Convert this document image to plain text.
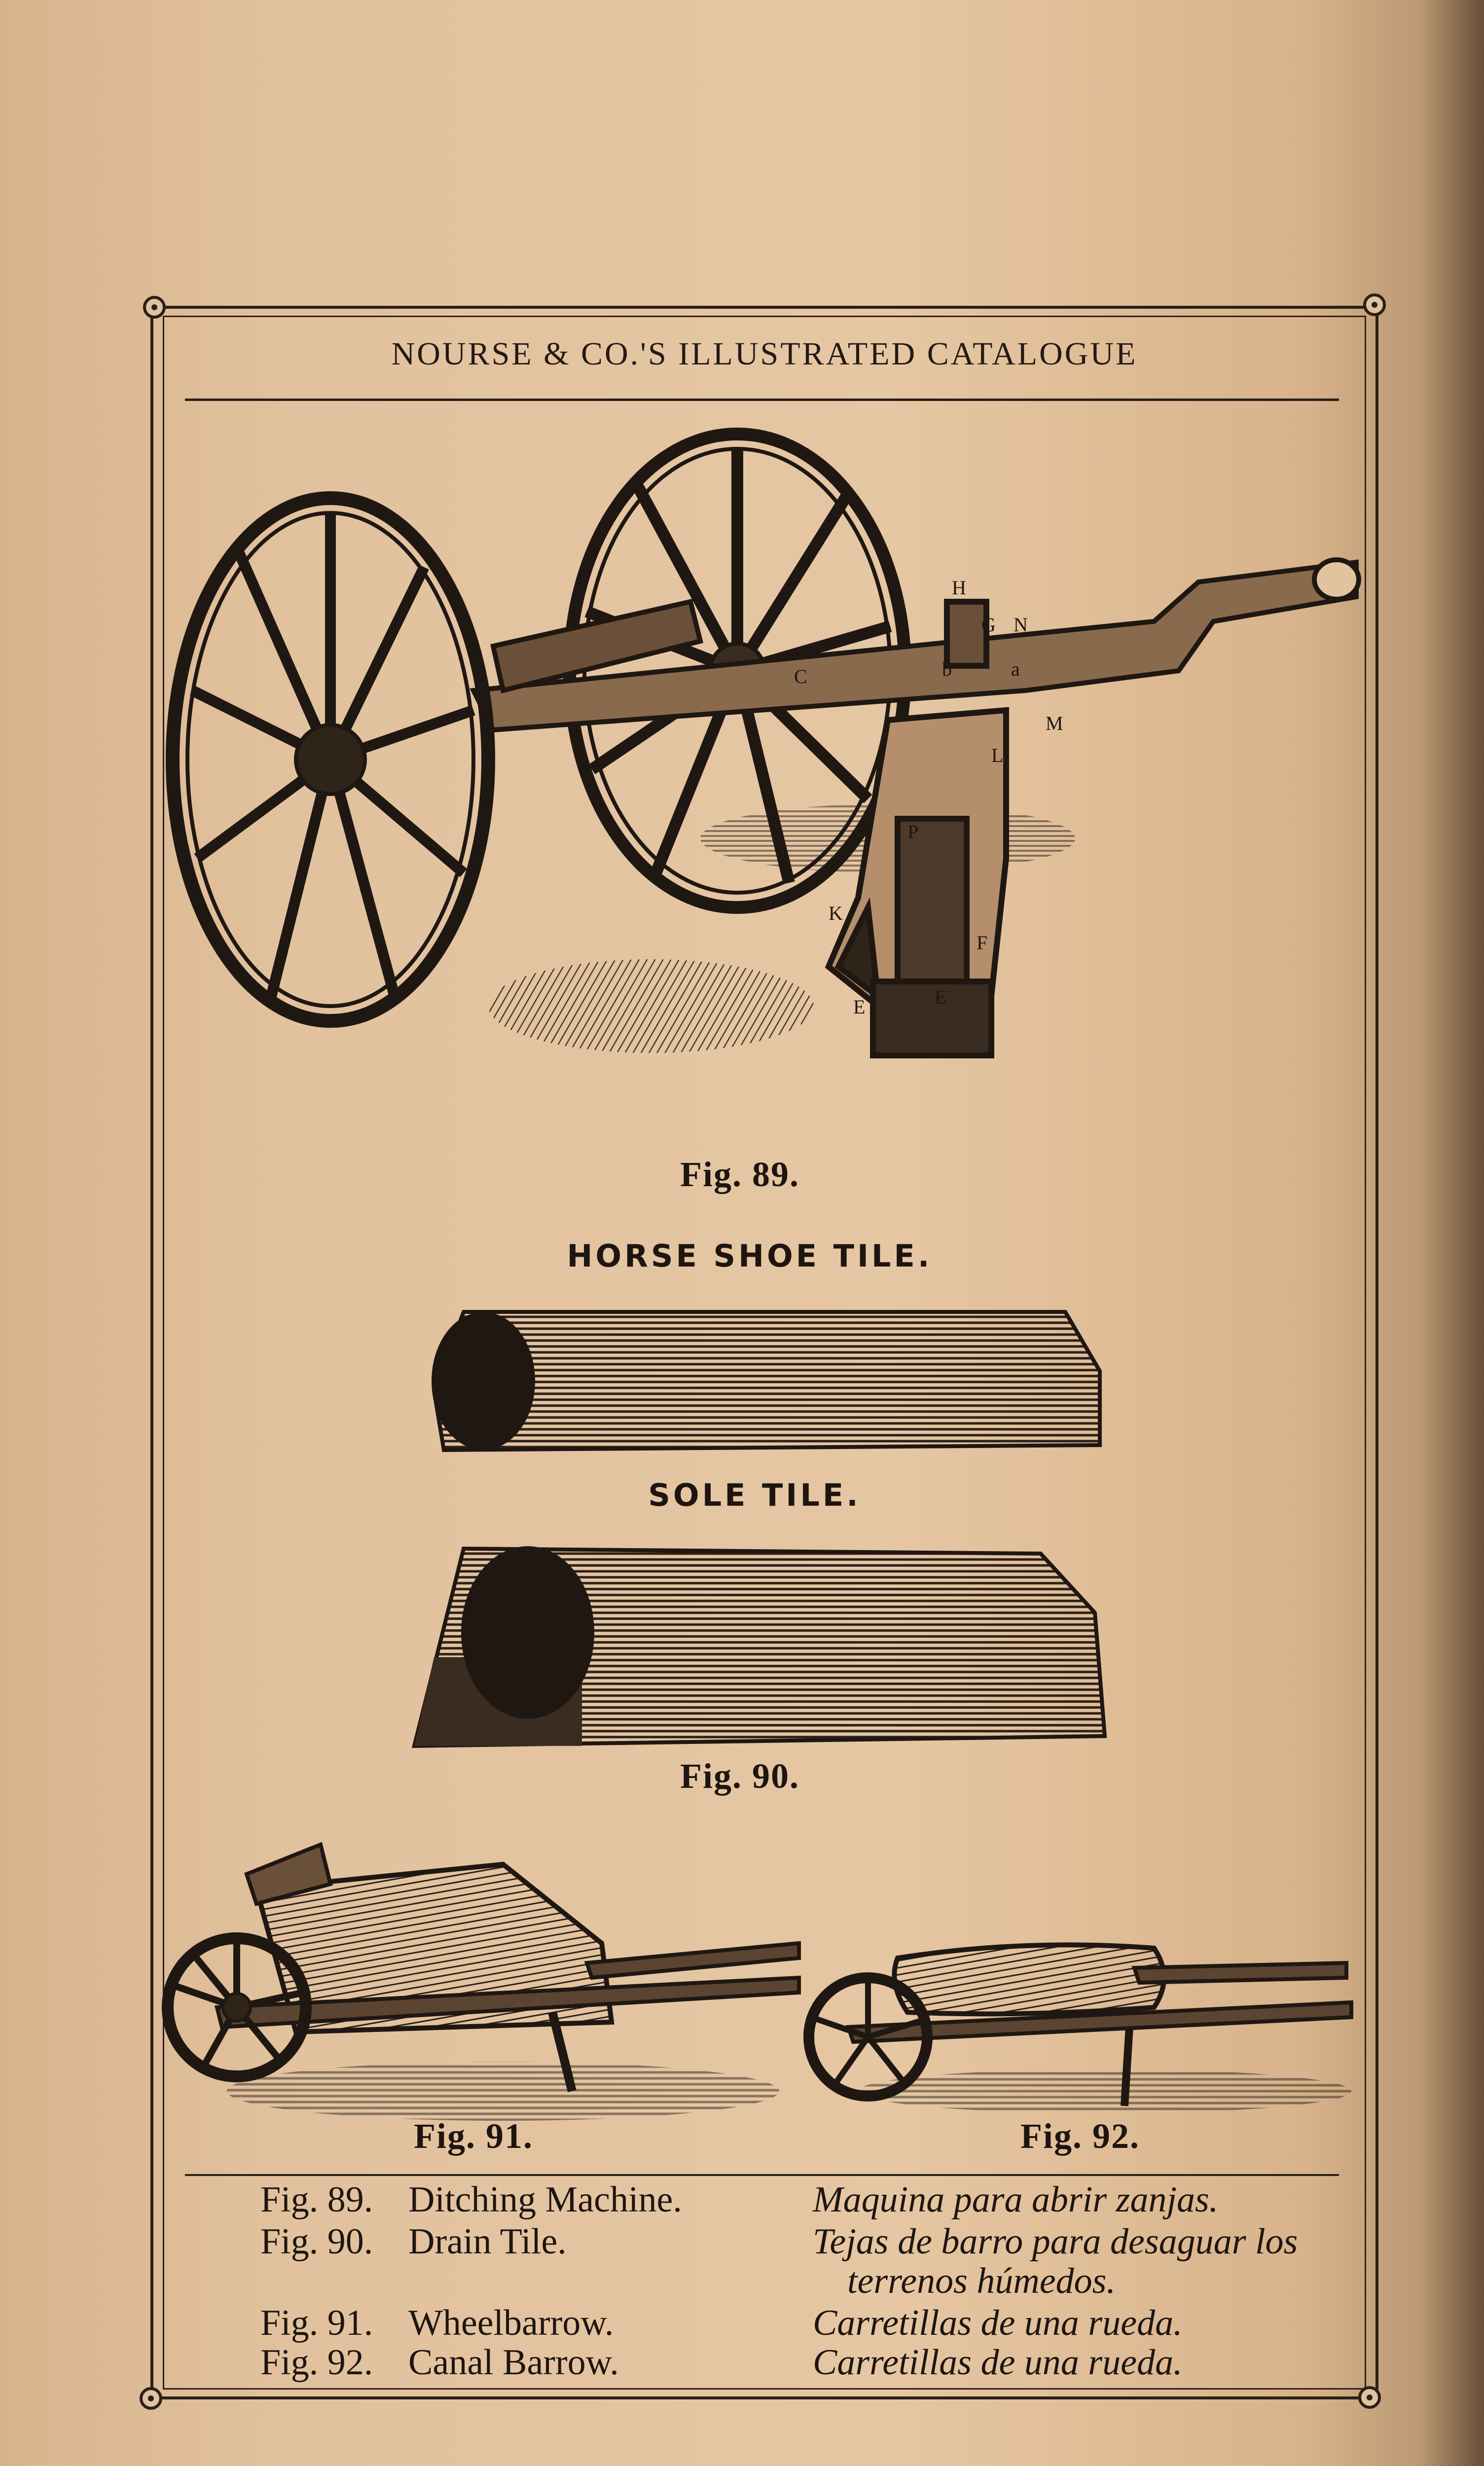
NOURSE & CO.'S ILLUSTRATED CATALOGUE
H
G N
C	b	a
M
L
P
K
F
E	E
Fig. 89.
HORSE SHOE TILE.
SOLE TILE.
Fig. 90.
Fig. 91.	Fig. 92.
Fig. 89. Ditching Machine.	Maquina para abrir zanjas.
Fig. 90. Drain Tile.	Tejas de barro para desaguar los
terrenos húmedos.
Fig. 91. Wheelbarrow.	Carretillas de una rueda.
Fig. 92. Canal Barrow.	Carretillas de una rueda.
